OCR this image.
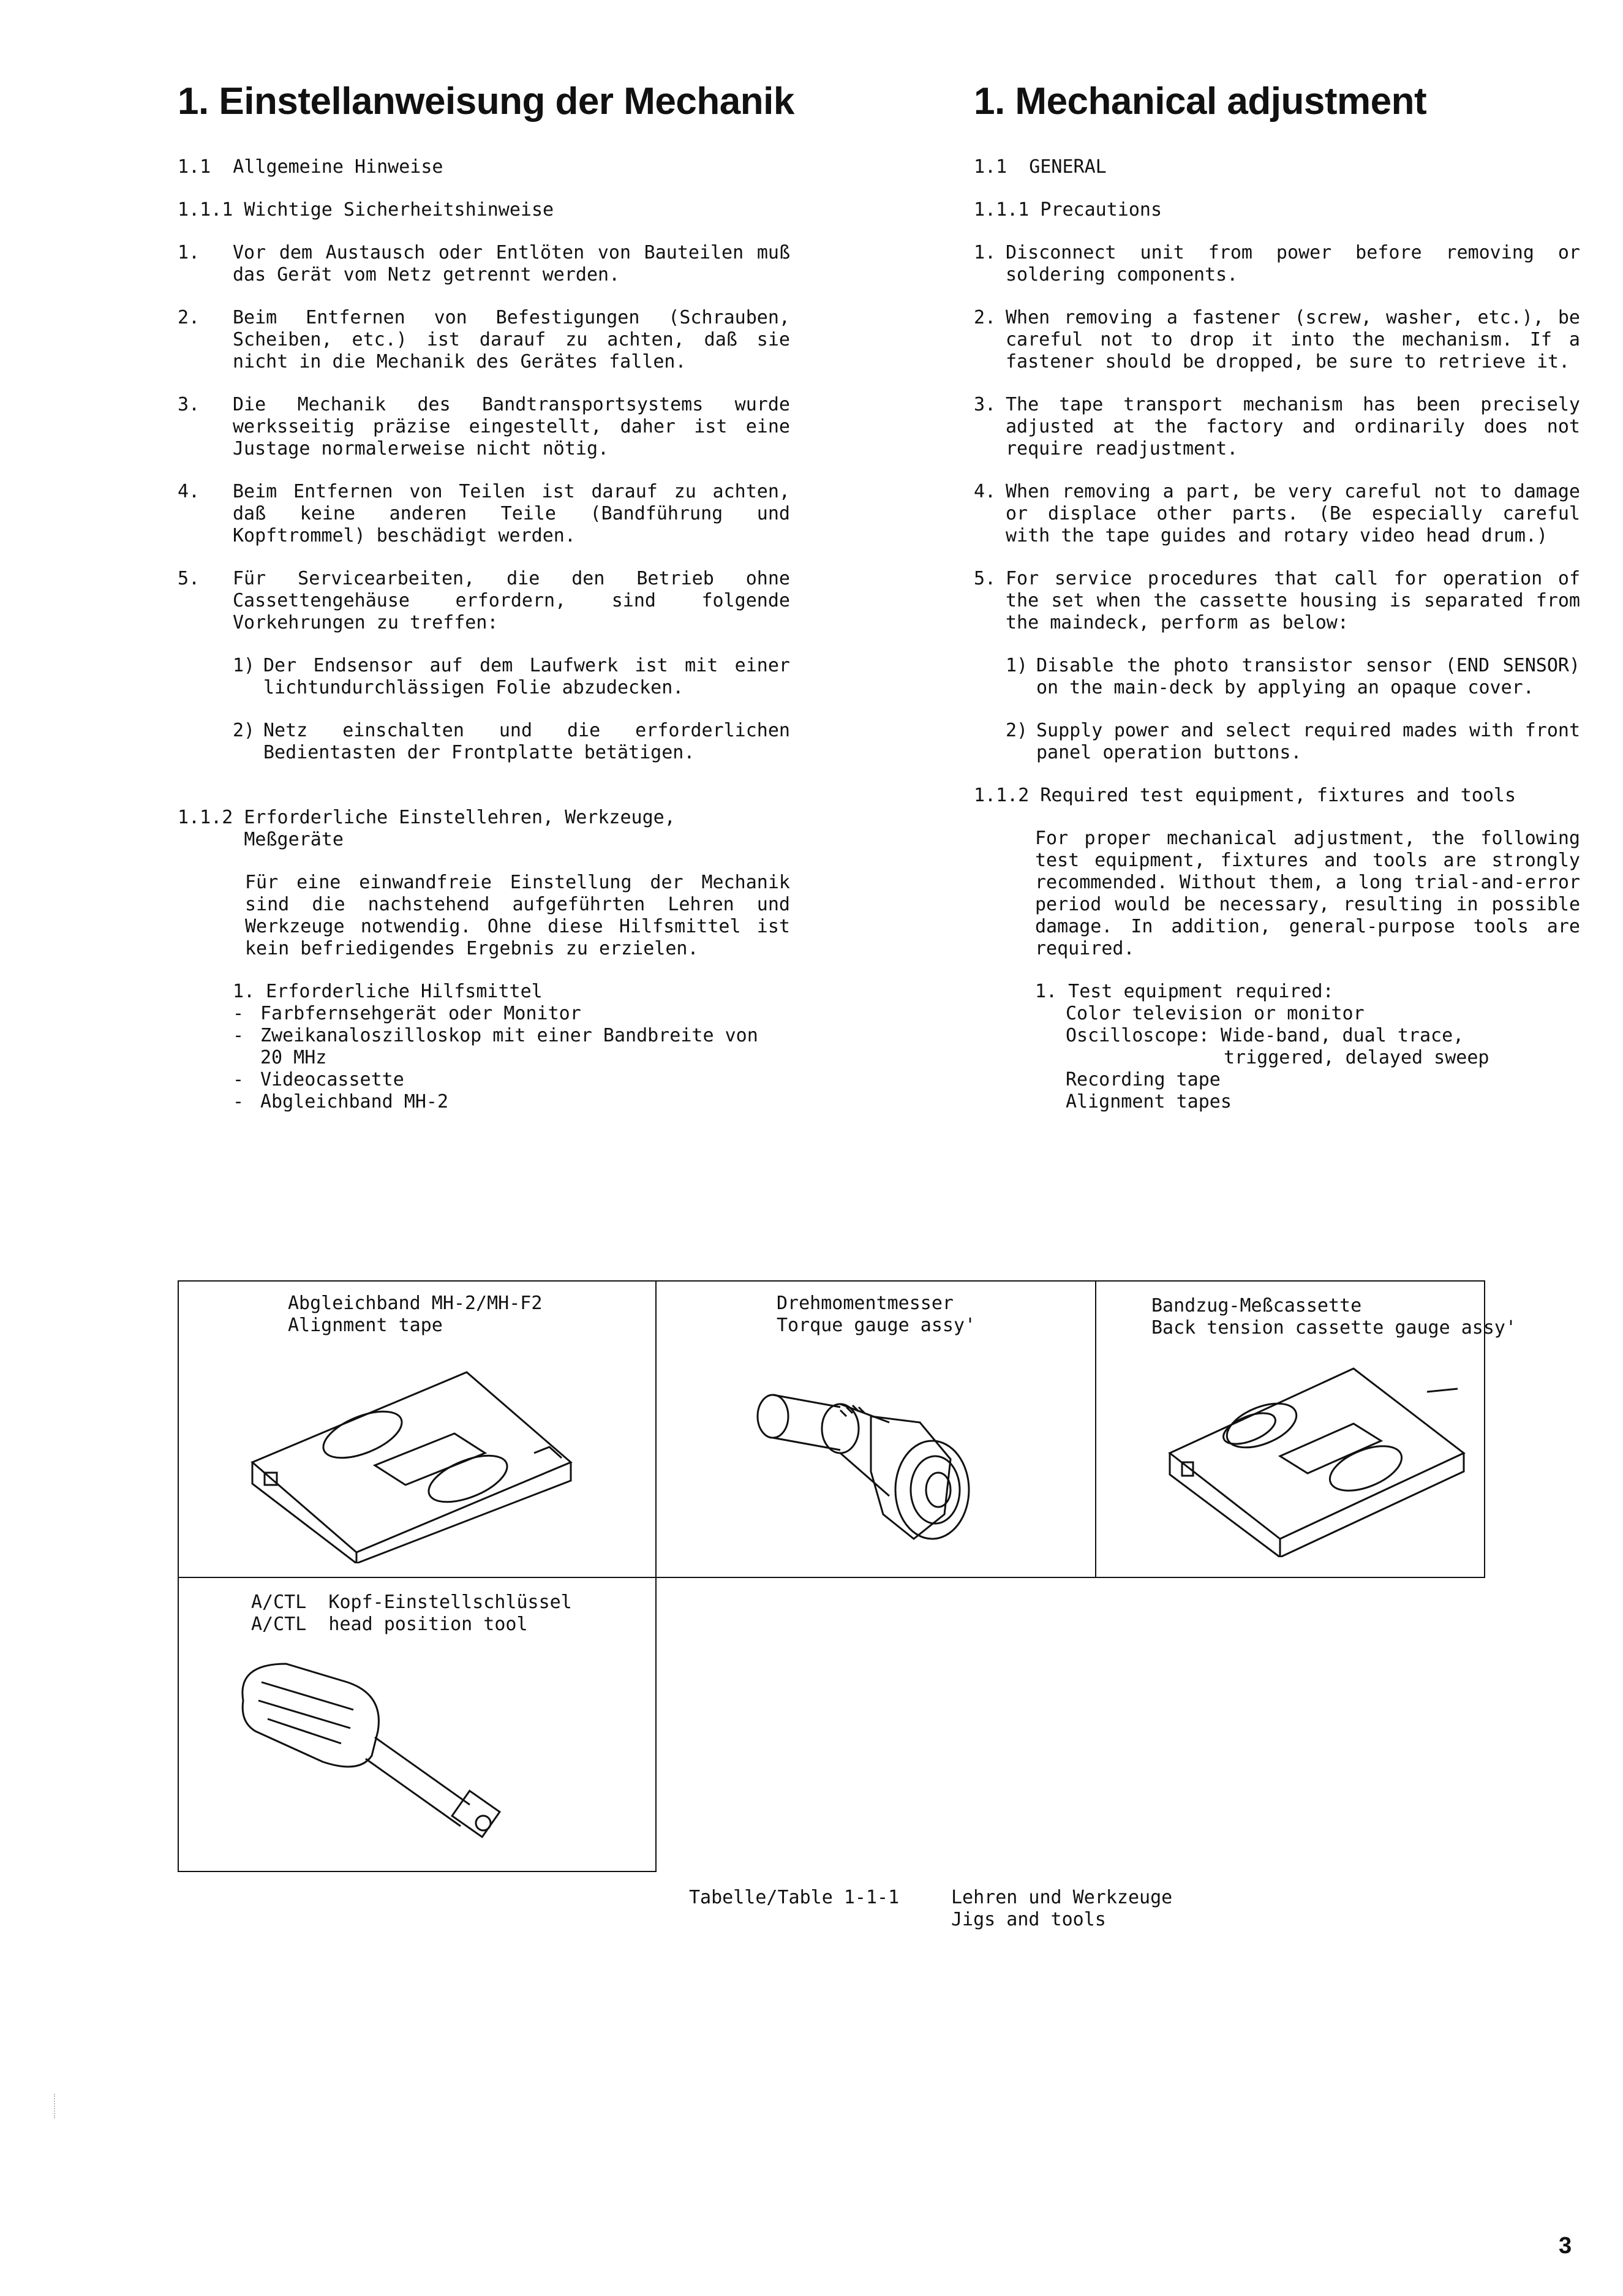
1. Einstellanweisung der Mechanik	1. Mechanical adjustment
1.1  Allgemeine Hinweise
1.1.1 Wichtige Sicherheitshinweise
1.	Vor dem Austausch oder Entlöten von Bauteilen muß das Gerät vom Netz getrennt werden.
2.	Beim Entfernen von Befestigungen (Schrauben, Scheiben, etc.) ist darauf zu achten, daß sie nicht in die Mechanik des Gerätes fallen.
3.	Die Mechanik des Bandtransportsystems wurde werksseitig präzise eingestellt, daher ist eine Justage normalerweise nicht nötig.
4.	Beim Entfernen von Teilen ist darauf zu achten, daß keine anderen Teile (Bandführung und Kopftrommel) beschädigt werden.
5.	Für Servicearbeiten, die den Betrieb ohne Cassettengehäuse erfordern, sind folgende Vorkehrungen zu treffen:
1) Der Endsensor auf dem Laufwerk ist mit einer lichtundurchlässigen Folie abzudecken.
2) Netz einschalten und die erforderlichen Bedientasten der Frontplatte betätigen.
1.1.2 Erforderliche Einstellehren, Werkzeuge,
Meßgeräte
Für eine einwandfreie Einstellung der Mechanik sind die nachstehend aufgeführten Lehren und Werkzeuge notwendig. Ohne diese Hilfsmittel ist kein befriedigendes Ergebnis zu erzielen.
1. Erforderliche Hilfsmittel
- Farbfernsehgerät oder Monitor
- Zweikanaloszilloskop mit einer Bandbreite von 20 MHz
- Videocassette
- Abgleichband MH-2
1.1  GENERAL
1.1.1 Precautions
1. Disconnect unit from power before removing or soldering components.
2. When removing a fastener (screw, washer, etc.), be careful not to drop it into the mechanism. If a fastener should be dropped, be sure to retrieve it.
3. The tape transport mechanism has been precisely adjusted at the factory and ordinarily does not require readjustment.
4. When removing a part, be very careful not to damage or displace other parts. (Be especially careful with the tape guides and rotary video head drum.)
5. For service procedures that call for operation of the set when the cassette housing is separated from the maindeck, perform as below:
1) Disable the photo transistor sensor (END SENSOR) on the main-deck by applying an opaque cover.
2) Supply power and select required mades with front panel operation buttons.
1.1.2 Required test equipment, fixtures and tools
For proper mechanical adjustment, the following test equipment, fixtures and tools are strongly recommended. Without them, a long trial-and-error period would be necessary, resulting in possible damage. In addition, general-purpose tools are required.
1. Test equipment required:
Color television or monitor
Oscilloscope: Wide-band, dual trace,
triggered, delayed sweep
Recording tape
Alignment tapes
Abgleichband MH-2/MH-F2
Alignment tape
Drehmomentmesser
Torque gauge assy'
Bandzug-Meßcassette
Back tension cassette gauge assy'
A/CTL  Kopf-Einstellschlüssel
A/CTL  head position tool
Tabelle/Table 1-1-1	Lehren und Werkzeuge
Jigs and tools
3
